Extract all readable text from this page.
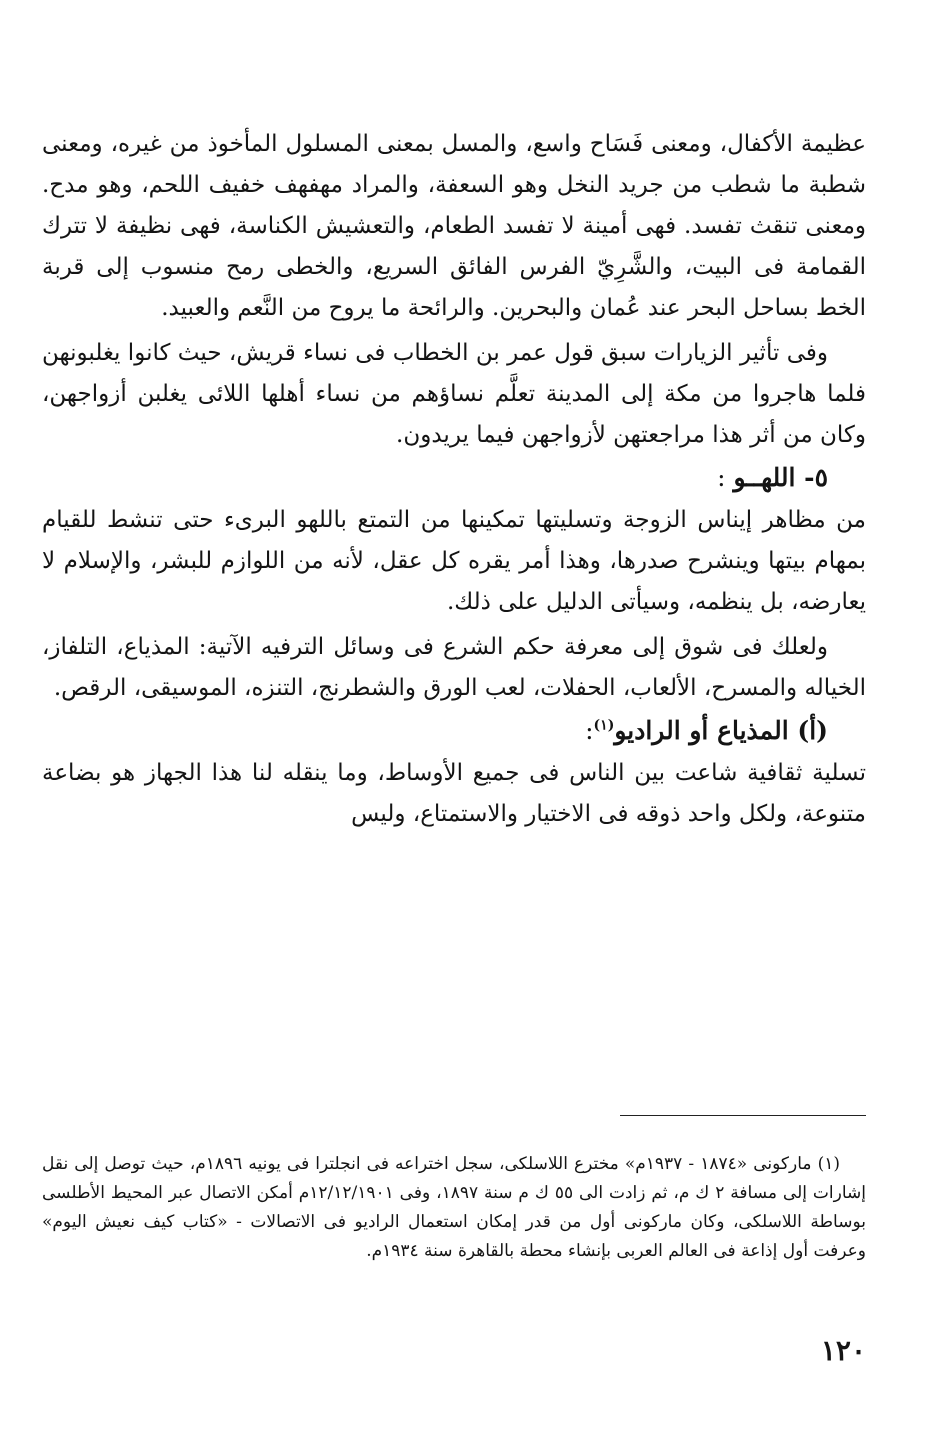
عظيمة الأكفال، ومعنى فَسَاح واسع، والمسل بمعنى المسلول المأخوذ من غيره، ومعنى شطبة ما شطب من جريد النخل وهو السعفة، والمراد مهفهف خفيف اللحم، وهو مدح. ومعنى تنقث تفسد. فهى أمينة لا تفسد الطعام، والتعشيش الكناسة، فهى نظيفة لا تترك القمامة فى البيت، والشَّرِيّ الفرس الفائق السريع، والخطى رمح منسوب إلى قربة الخط بساحل البحر عند عُمان والبحرين. والرائحة ما يروح من النَّعم والعبيد.

وفى تأثير الزيارات سبق قول عمر بن الخطاب فى نساء قريش، حيث كانوا يغلبونهن فلما هاجروا من مكة إلى المدينة تعلَّم نساؤهم من نساء أهلها اللائى يغلبن أزواجهن، وكان من أثر هذا مراجعتهن لأزواجهن فيما يريدون.

٥- اللهــو :

من مظاهر إيناس الزوجة وتسليتها تمكينها من التمتع باللهو البرىء حتى تنشط للقيام بمهام بيتها وينشرح صدرها، وهذا أمر يقره كل عقل، لأنه من اللوازم للبشر، والإسلام لا يعارضه، بل ينظمه، وسيأتى الدليل على ذلك.

ولعلك فى شوق إلى معرفة حكم الشرع فى وسائل الترفيه الآتية: المذياع، التلفاز، الخياله والمسرح، الألعاب، الحفلات، لعب الورق والشطرنج، التنزه، الموسيقى، الرقص.

(أ) المذياع أو الراديو$^{(١)}$:

تسلية ثقافية شاعت بين الناس فى جميع الأوساط، وما ينقله لنا هذا الجهاز هو بضاعة متنوعة، ولكل واحد ذوقه فى الاختيار والاستمتاع، وليس

(١) ماركونى «١٨٧٤ - ١٩٣٧م» مخترع اللاسلكى، سجل اختراعه فى انجلترا فى يونيه ١٨٩٦م، حيث توصل إلى نقل إشارات إلى مسافة ٢ ك م، ثم زادت الى ٥٥ ك م سنة ١٨٩٧، وفى ١٢/١٢/١٩٠١م أمكن الاتصال عبر المحيط الأطلسى بوساطة اللاسلكى، وكان ماركونى أول من قدر إمكان استعمال الراديو فى الاتصالات - «كتاب كيف نعيش اليوم» وعرفت أول إذاعة فى العالم العربى بإنشاء محطة بالقاهرة سنة ١٩٣٤م.

١٢٠
